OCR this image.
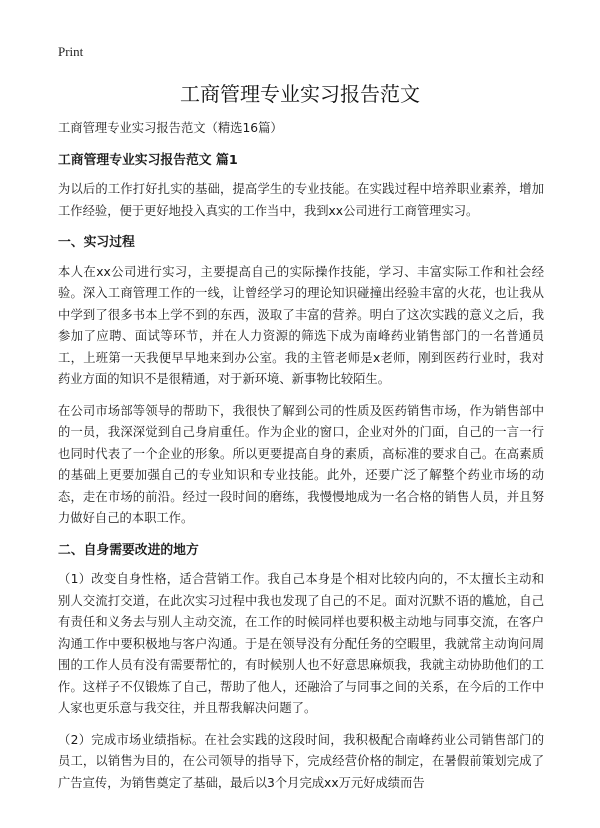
Print
工商管理专业实习报告范文

工商管理专业实习报告范文（精选16篇）

工商管理专业实习报告范文 篇1

为以后的工作打好扎实的基础，提高学生的专业技能。在实践过程中培养职业素养，增加工作经验，便于更好地投入真实的工作当中，我到xx公司进行工商管理实习。

一、实习过程

本人在xx公司进行实习，主要提高自己的实际操作技能，学习、丰富实际工作和社会经验。深入工商管理工作的一线，让曾经学习的理论知识碰撞出经验丰富的火花，也让我从中学到了很多书本上学不到的东西，汲取了丰富的营养。明白了这次实践的意义之后，我参加了应聘、面试等环节，并在人力资源的筛选下成为南峰药业销售部门的一名普通员工，上班第一天我便早早地来到办公室。我的主管老师是x老师，刚到医药行业时，我对药业方面的知识不是很精通，对于新环境、新事物比较陌生。

在公司市场部等领导的帮助下，我很快了解到公司的性质及医药销售市场，作为销售部中的一员，我深深觉到自己身肩重任。作为企业的窗口，企业对外的门面，自己的一言一行也同时代表了一个企业的形象。所以更要提高自身的素质，高标准的要求自己。在高素质的基础上更要加强自己的专业知识和专业技能。此外，还要广泛了解整个药业市场的动态，走在市场的前沿。经过一段时间的磨练，我慢慢地成为一名合格的销售人员，并且努力做好自己的本职工作。

二、自身需要改进的地方

（1）改变自身性格，适合营销工作。我自己本身是个相对比较内向的，不太擅长主动和别人交流打交道，在此次实习过程中我也发现了自己的不足。面对沉默不语的尴尬，自己有责任和义务去与别人主动交流，在工作的时候同样也要积极主动地与同事交流，在客户沟通工作中要积极地与客户沟通。于是在领导没有分配任务的空暇里，我就常主动询问周围的工作人员有没有需要帮忙的，有时候别人也不好意思麻烦我，我就主动协助他们的工作。这样子不仅锻炼了自己，帮助了他人，还融洽了与同事之间的关系，在今后的工作中人家也更乐意与我交往，并且帮我解决问题了。

（2）完成市场业绩指标。在社会实践的这段时间，我积极配合南峰药业公司销售部门的员工，以销售为目的，在公司领导的指导下，完成经营价格的制定，在暑假前策划完成了广告宣传，为销售奠定了基础，最后以3个月完成xx万元好成绩而告
